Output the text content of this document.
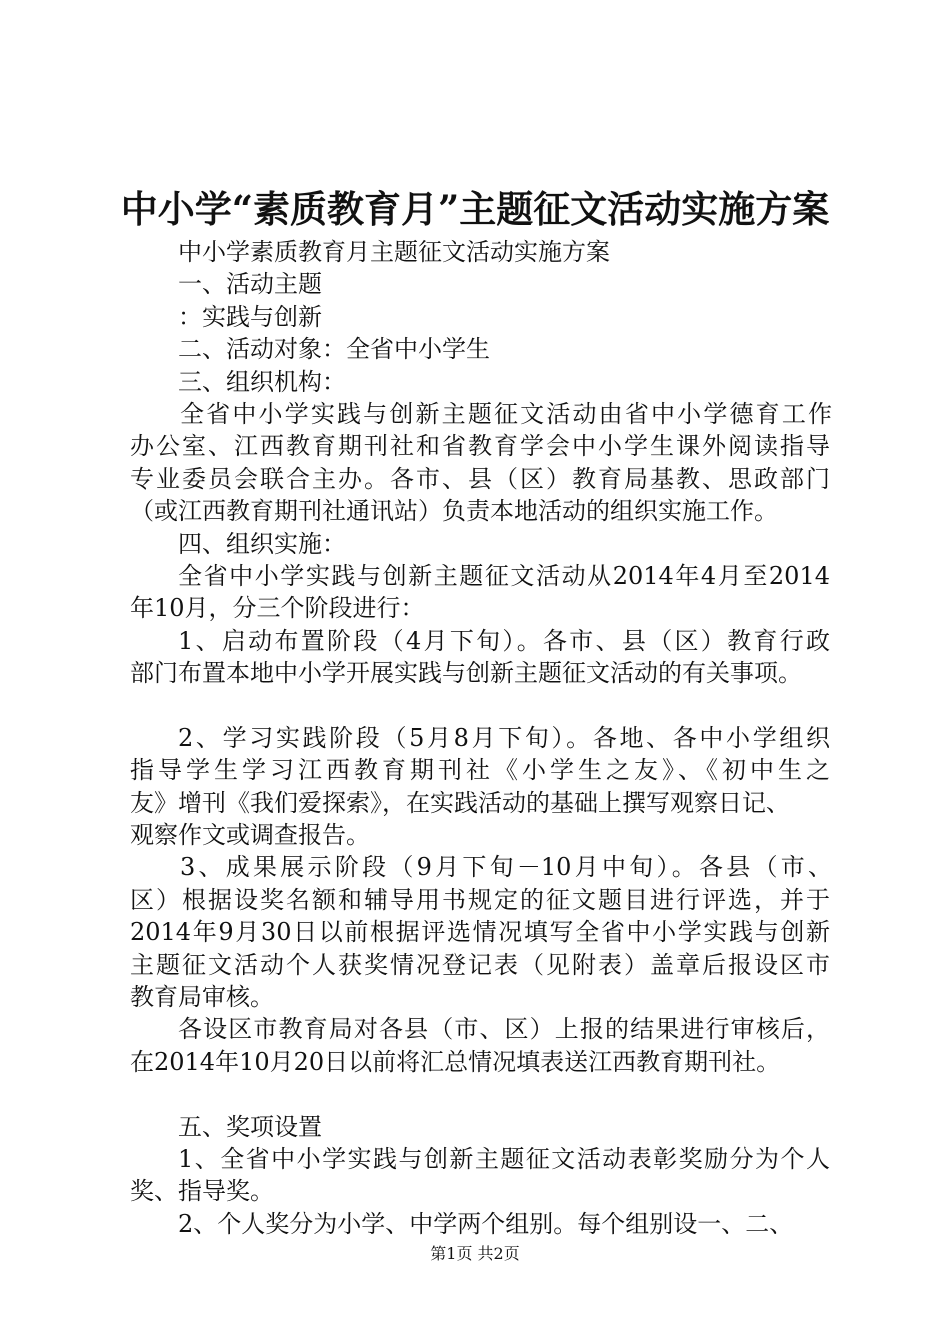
中小学“素质教育月”主题征文活动实施方案
中小学素质教育月主题征文活动实施方案
一、活动主题
：实践与创新
二、活动对象：全省中小学生
三、组织机构：
全省中小学实践与创新主题征文活动由省中小学德育工作
办公室、江西教育期刊社和省教育学会中小学生课外阅读指导
专业委员会联合主办。各市、县（区）教育局基教、思政部门
（或江西教育期刊社通讯站）负责本地活动的组织实施工作。
四、组织实施：
全省中小学实践与创新主题征文活动从2014年4月至2014
年10月，分三个阶段进行：
1、启动布置阶段（4月下旬）。各市、县（区）教育行政
部门布置本地中小学开展实践与创新主题征文活动的有关事项。
2、学习实践阶段（5月8月下旬）。各地、各中小学组织
指导学生学习江西教育期刊社《小学生之友》、《初中生之
友》增刊《我们爱探索》，在实践活动的基础上撰写观察日记、
观察作文或调查报告。
3、成果展示阶段（9月下旬－10月中旬）。各县（市、
区）根据设奖名额和辅导用书规定的征文题目进行评选，并于
2014年9月30日以前根据评选情况填写全省中小学实践与创新
主题征文活动个人获奖情况登记表（见附表）盖章后报设区市
教育局审核。
各设区市教育局对各县（市、区）上报的结果进行审核后，
在2014年10月20日以前将汇总情况填表送江西教育期刊社。
五、奖项设置
1、全省中小学实践与创新主题征文活动表彰奖励分为个人
奖、指导奖。
2、个人奖分为小学、中学两个组别。每个组别设一、二、
第1页 共2页
